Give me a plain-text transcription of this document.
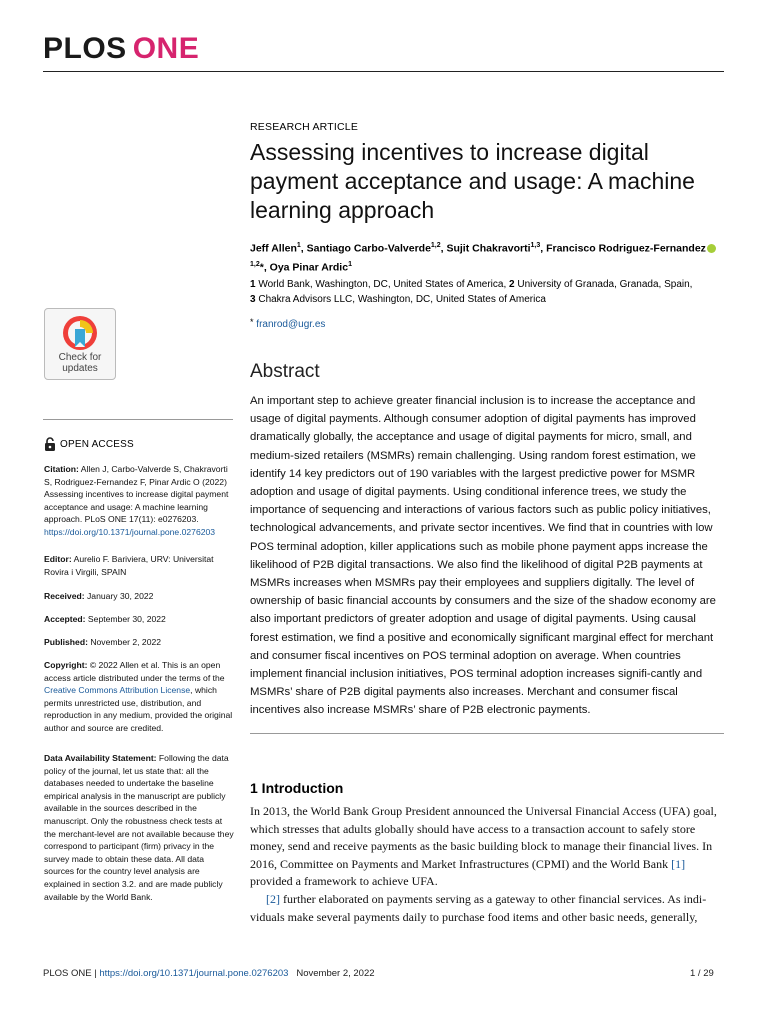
PLOS ONE
Check for
updates
OPEN ACCESS
Citation: Allen J, Carbo-Valverde S, Chakravorti S, Rodriguez-Fernandez F, Pinar Ardic O (2022) Assessing incentives to increase digital payment acceptance and usage: A machine learning approach. PLoS ONE 17(11): e0276203. https://doi.org/10.1371/journal.pone.0276203
Editor: Aurelio F. Bariviera, URV: Universitat Rovira i Virgili, SPAIN
Received: January 30, 2022
Accepted: September 30, 2022
Published: November 2, 2022
Copyright: © 2022 Allen et al. This is an open access article distributed under the terms of the Creative Commons Attribution License, which permits unrestricted use, distribution, and reproduction in any medium, provided the original author and source are credited.
Data Availability Statement: Following the data policy of the journal, let us state that: all the databases needed to undertake the baseline empirical analysis in the manuscript are publicly available in the sources described in the manuscript. Only the robustness check tests at the merchant-level are not available because they correspond to participant (firm) privacy in the survey made to obtain these data. All data sources for the country level analysis are explained in section 3.2. and are made publicly available by the World Bank.
RESEARCH ARTICLE
Assessing incentives to increase digital payment acceptance and usage: A machine learning approach
Jeff Allen$^1$, Santiago Carbo-Valverde$^{1,2}$, Sujit Chakravorti$^{1,3}$, Francisco Rodriguez-Fernandez$^{1,2}$*, Oya Pinar Ardic$^1$
1 World Bank, Washington, DC, United States of America, 2 University of Granada, Granada, Spain,
3 Chakra Advisors LLC, Washington, DC, United States of America
* franrod@ugr.es
Abstract
An important step to achieve greater financial inclusion is to increase the acceptance and usage of digital payments. Although consumer adoption of digital payments has improved dramatically globally, the acceptance and usage of digital payments for micro, small, and medium-sized retailers (MSMRs) remain challenging. Using random forest estimation, we identify 14 key predictors out of 190 variables with the largest predictive power for MSMR adoption and usage of digital payments. Using conditional inference trees, we study the importance of sequencing and interactions of various factors such as public policy initiatives, technological advancements, and private sector incentives. We find that in countries with low POS terminal adoption, killer applications such as mobile phone payment apps increase the likelihood of P2B digital transactions. We also find the likelihood of digital P2B payments at MSMRs increases when MSMRs pay their employees and suppliers digitally. The level of ownership of basic financial accounts by consumers and the size of the shadow economy are also important predictors of greater adoption and usage of digital payments. Using causal forest estimation, we find a positive and economically significant marginal effect for merchant and consumer fiscal incentives on POS terminal adoption on average. When countries implement financial inclusion initiatives, POS terminal adoption increases signifi-cantly and MSMRs’ share of P2B digital payments also increases. Merchant and consumer fiscal incentives also increase MSMRs’ share of P2B electronic payments.
1 Introduction

In 2013, the World Bank Group President announced the Universal Financial Access (UFA) goal, which stresses that adults globally should have access to a transaction account to safely store money, send and receive payments as the basic building block to manage their financial lives. In 2016, Committee on Payments and Market Infrastructures (CPMI) and the World Bank [1] provided a framework to achieve UFA.

[2] further elaborated on payments serving as a gateway to other financial services. As indi-viduals make several payments daily to purchase food items and other basic needs, generally,

PLOS ONE | https://doi.org/10.1371/journal.pone.0276203 November 2, 2022	1 / 29
